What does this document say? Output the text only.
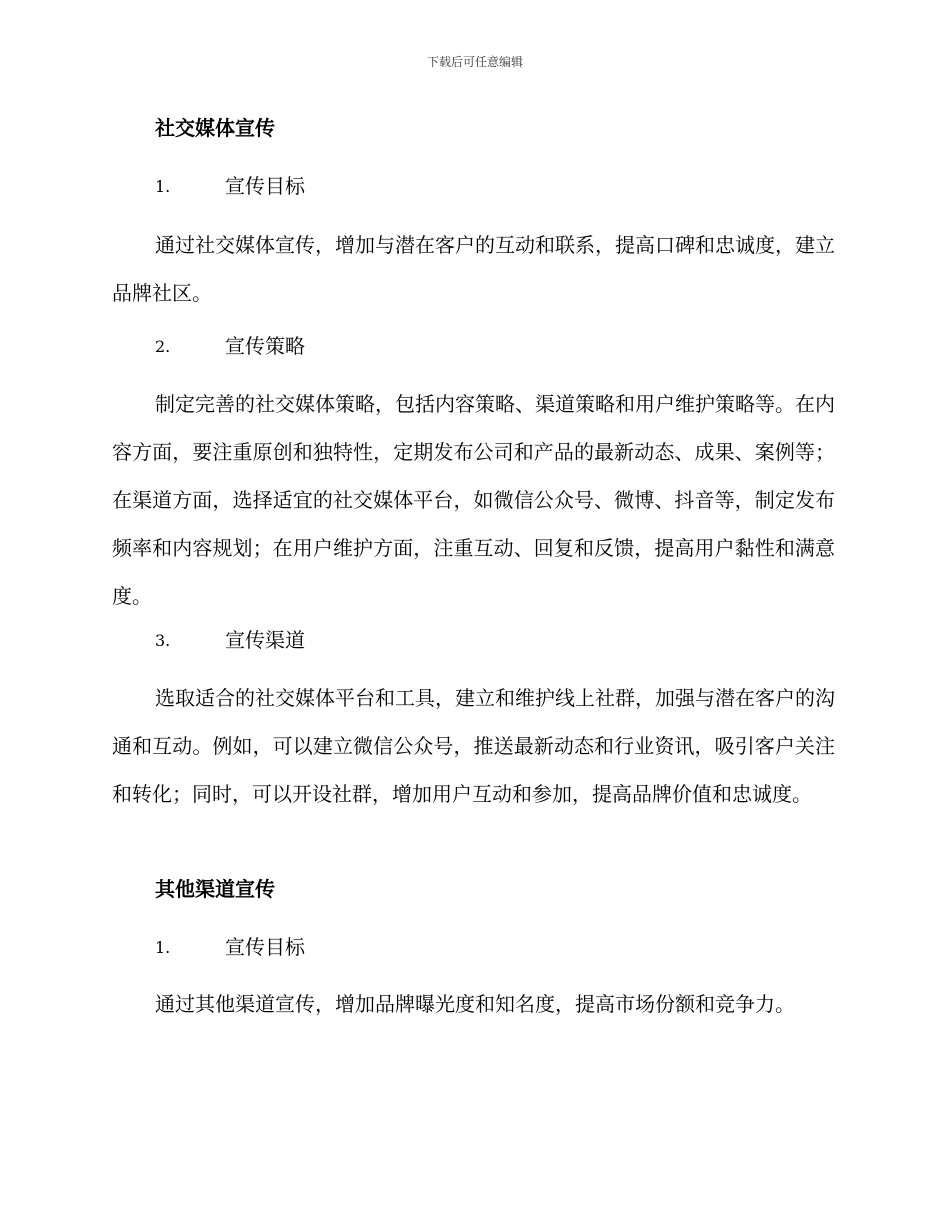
下载后可任意编辑
社交媒体宣传
1.	宣传目标

通过社交媒体宣传，增加与潜在客户的互动和联系，提高口碑和忠诚度，建立品牌社区。

2.	宣传策略

制定完善的社交媒体策略，包括内容策略、渠道策略和用户维护策略等。在内容方面，要注重原创和独特性，定期发布公司和产品的最新动态、成果、案例等；在渠道方面，选择适宜的社交媒体平台，如微信公众号、微博、抖音等，制定发布频率和内容规划；在用户维护方面，注重互动、回复和反馈，提高用户黏性和满意度。

3.	宣传渠道

选取适合的社交媒体平台和工具，建立和维护线上社群，加强与潜在客户的沟通和互动。例如，可以建立微信公众号，推送最新动态和行业资讯，吸引客户关注和转化；同时，可以开设社群，增加用户互动和参加，提高品牌价值和忠诚度。

其他渠道宣传
1.	宣传目标

通过其他渠道宣传，增加品牌曝光度和知名度，提高市场份额和竞争力。
